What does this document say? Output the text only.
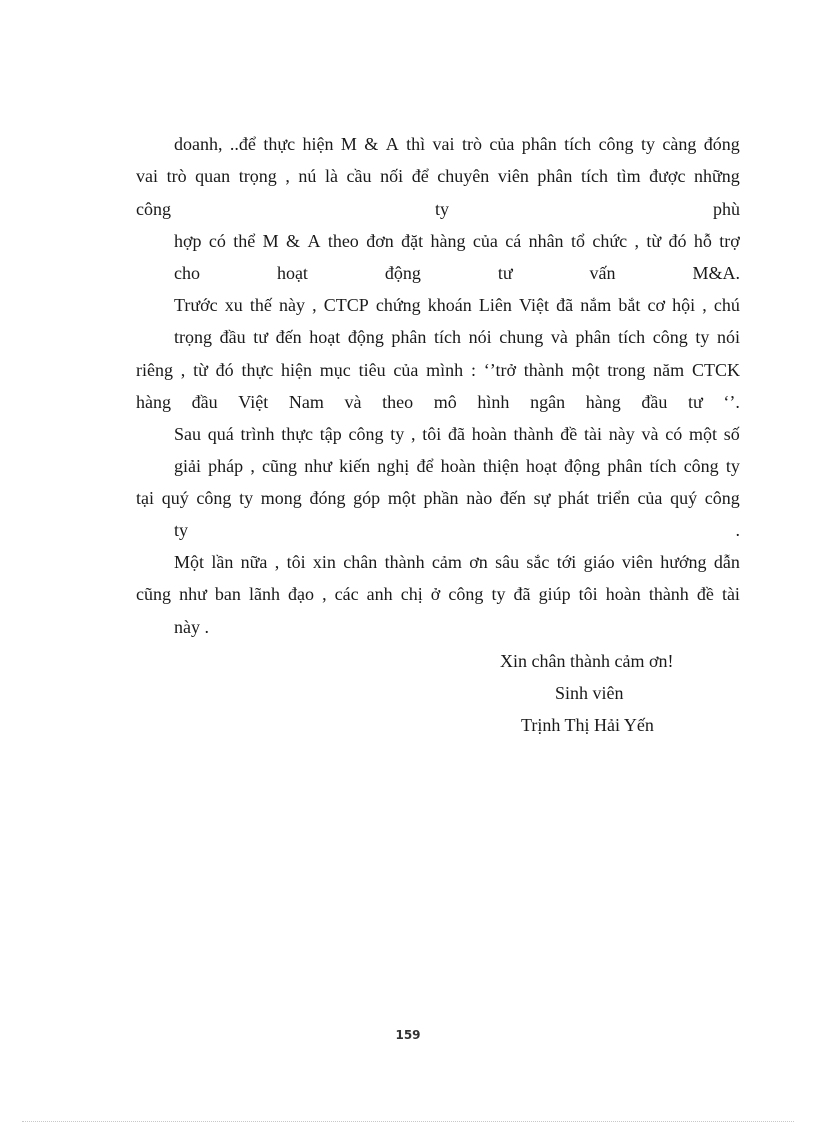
doanh, ..để thực hiện M & A thì vai trò của phân tích công ty càng đóng
vai trò quan trọng , nú là cầu nối để chuyên viên phân tích tìm được những
công	ty	phù
hợp có thể M & A theo đơn đặt hàng của cá nhân tổ chức , từ đó hỗ trợ
cho	hoạt	động	tư	vấn	M&A.
Trước xu thế này , CTCP chứng khoán Liên Việt đã nắm bắt cơ hội , chú
trọng đầu tư đến hoạt động phân tích nói chung và phân tích công ty nói
riêng , từ đó thực hiện mục tiêu của mình : ‘’trở thành một trong năm CTCK
hàng đầu Việt Nam và theo mô hình ngân hàng đầu tư ‘’.
Sau quá trình thực tập công ty , tôi đã hoàn thành đề tài này và có một số
giải pháp , cũng như kiến nghị để hoàn thiện hoạt động phân tích công ty
tại quý công ty mong đóng góp một phần nào đến sự phát triển của quý công
ty	.
Một lần nữa , tôi xin chân thành cảm ơn sâu sắc tới giáo viên hướng dẫn
cũng như ban lãnh đạo , các anh chị ở công ty đã giúp tôi hoàn thành đề tài
này .
Xin chân thành cảm ơn!
Sinh viên
Trịnh Thị Hải Yến
159
